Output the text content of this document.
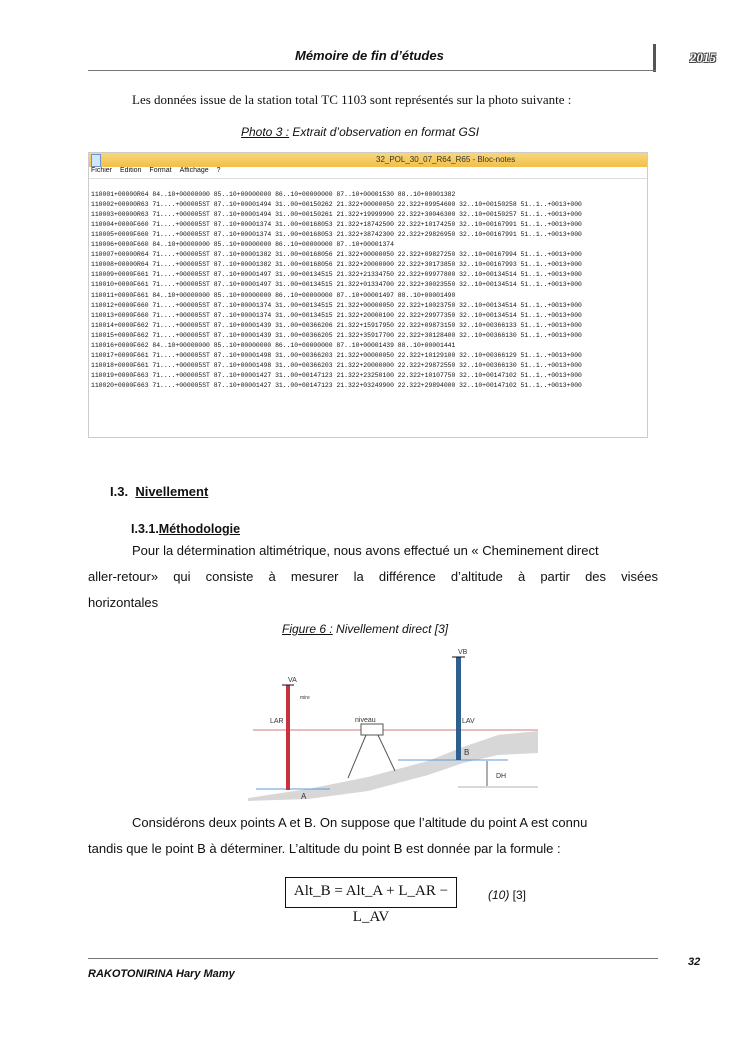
Mémoire de fin d’études	2015
Les données issue de la station total TC 1103 sont représentés sur la photo suivante :
Photo 3 : Extrait d’observation en format GSI
32_POL_30_07_R64_R65 - Bloc-notes
Fichier Edition Format Affichage ?

110001+00000R64 84..10+00000000 85..10+00000000 86..10+00000000 87..10+00001530 88..10+00001382
110002+00000R63 71....+000005ST 87..10+00001494 31..00+00150262 21.322+00000050 22.322+09954600 32..10+00150258 51..1..+0013+000
110003+00000R63 71....+000005ST 87..10+00001494 31..00+00150261 21.322+19999900 22.322+30046300 32..10+00150257 51..1..+0013+000
110004+0000F660 71....+000005ST 87..10+00001374 31..00+00168053 21.322+18742500 22.322+10174250 32..10+00167991 51..1..+0013+000
110005+0000F660 71....+000005ST 87..10+00001374 31..00+00168053 21.322+38742300 22.322+29826950 32..10+00167991 51..1..+0013+000
110006+0000F660 84..10+00000000 85..10+00000000 86..10+00000000 87..10+00001374
110007+00000R64 71....+000005ST 87..10+00001382 31..00+00168056 21.322+00000050 22.322+09827250 32..10+00167994 51..1..+0013+000
110008+00000R64 71....+000005ST 87..10+00001382 31..00+00168056 21.322+20000000 22.322+30173850 32..10+00167993 51..1..+0013+000
110009+0000F661 71....+000005ST 87..10+00001497 31..00+00134515 21.322+21334750 22.322+09977800 32..10+00134514 51..1..+0013+000
110010+0000F661 71....+000005ST 87..10+00001497 31..00+00134515 21.322+01334700 22.322+30023550 32..10+00134514 51..1..+0013+000
110011+0000F661 84..10+00000000 85..10+00000000 86..10+00000000 87..10+00001497 88..10+00001490
110012+0000F660 71....+000005ST 87..10+00001374 31..00+00134515 21.322+00000050 22.322+10023750 32..10+00134514 51..1..+0013+000
110013+0000F660 71....+000005ST 87..10+00001374 31..00+00134515 21.322+20000100 22.322+29977350 32..10+00134514 51..1..+0013+000
110014+0000F662 71....+000005ST 87..10+00001439 31..00+00366206 21.322+15917950 22.322+09873150 32..10+00366133 51..1..+0013+000
110015+0000F662 71....+000005ST 87..10+00001439 31..00+00366205 21.322+35917700 22.322+30128400 32..10+00366130 51..1..+0013+000
110016+0000F662 84..10+00000000 85..10+00000000 86..10+00000000 87..10+00001439 88..10+00001441
110017+0000F661 71....+000005ST 87..10+00001498 31..00+00366203 21.322+00000050 22.322+10129100 32..10+00366129 51..1..+0013+000
110018+0000F661 71....+000005ST 87..10+00001498 31..00+00366203 21.322+20000000 22.322+29872550 32..10+00366130 51..1..+0013+000
110019+0000F663 71....+000005ST 87..10+00001427 31..00+00147123 21.322+23250100 22.322+10107750 32..10+00147102 51..1..+0013+000
110020+0000F663 71....+000005ST 87..10+00001427 31..00+00147123 21.322+03249900 22.322+29894000 32..10+00147102 51..1..+0013+000

I.3. Nivellement
I.3.1.Méthodologie
Pour la détermination altimétrique, nous avons effectué un « Cheminement direct
aller-retour» qui consiste à mesurer la différence d’altitude à partir des visées
horizontales
Figure 6 : Nivellement direct [3]
VA
mire
LAR	niveau	LAV
VB
B
A
DH
Considérons deux points A et B. On suppose que l’altitude du point A est connu
tandis que le point B à déterminer. L’altitude du point B est donnée par la formule :
Alt_B = Alt_A + L_AR − L_AV
(10) [3]
32
RAKOTONIRINA Hary Mamy
